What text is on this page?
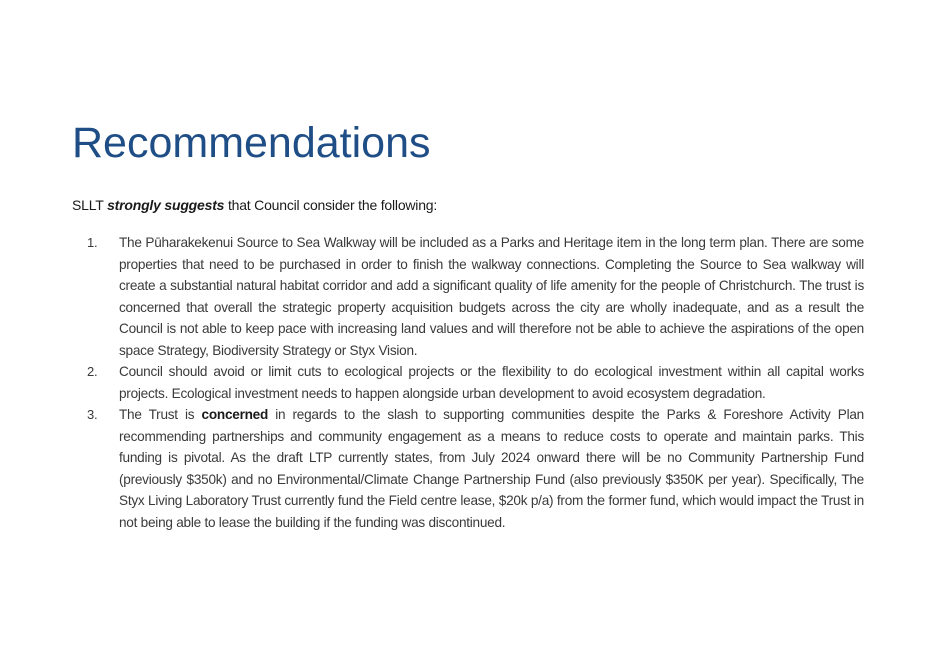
Recommendations

SLLT strongly suggests that Council consider the following:

1.	The Pūharakekenui Source to Sea Walkway will be included as a Parks and Heritage item in the long term plan. There are some properties that need to be purchased in order to finish the walkway connections. Completing the Source to Sea walkway will create a substantial natural habitat corridor and add a significant quality of life amenity for the people of Christchurch. The trust is concerned that overall the strategic property acquisition budgets across the city are wholly inadequate, and as a result the Council is not able to keep pace with increasing land values and will therefore not be able to achieve the aspirations of the open space Strategy, Biodiversity Strategy or Styx Vision.
2.	Council should avoid or limit cuts to ecological projects or the flexibility to do ecological investment within all capital works projects. Ecological investment needs to happen alongside urban development to avoid ecosystem degradation.
3.	The Trust is concerned in regards to the slash to supporting communities despite the Parks & Foreshore Activity Plan recommending partnerships and community engagement as a means to reduce costs to operate and maintain parks. This funding is pivotal. As the draft LTP currently states, from July 2024 onward there will be no Community Partnership Fund (previously $350k) and no Environmental/Climate Change Partnership Fund (also previously $350K per year). Specifically, The Styx Living Laboratory Trust currently fund the Field centre lease, $20k p/a) from the former fund, which would impact the Trust in not being able to lease the building if the funding was discontinued.
